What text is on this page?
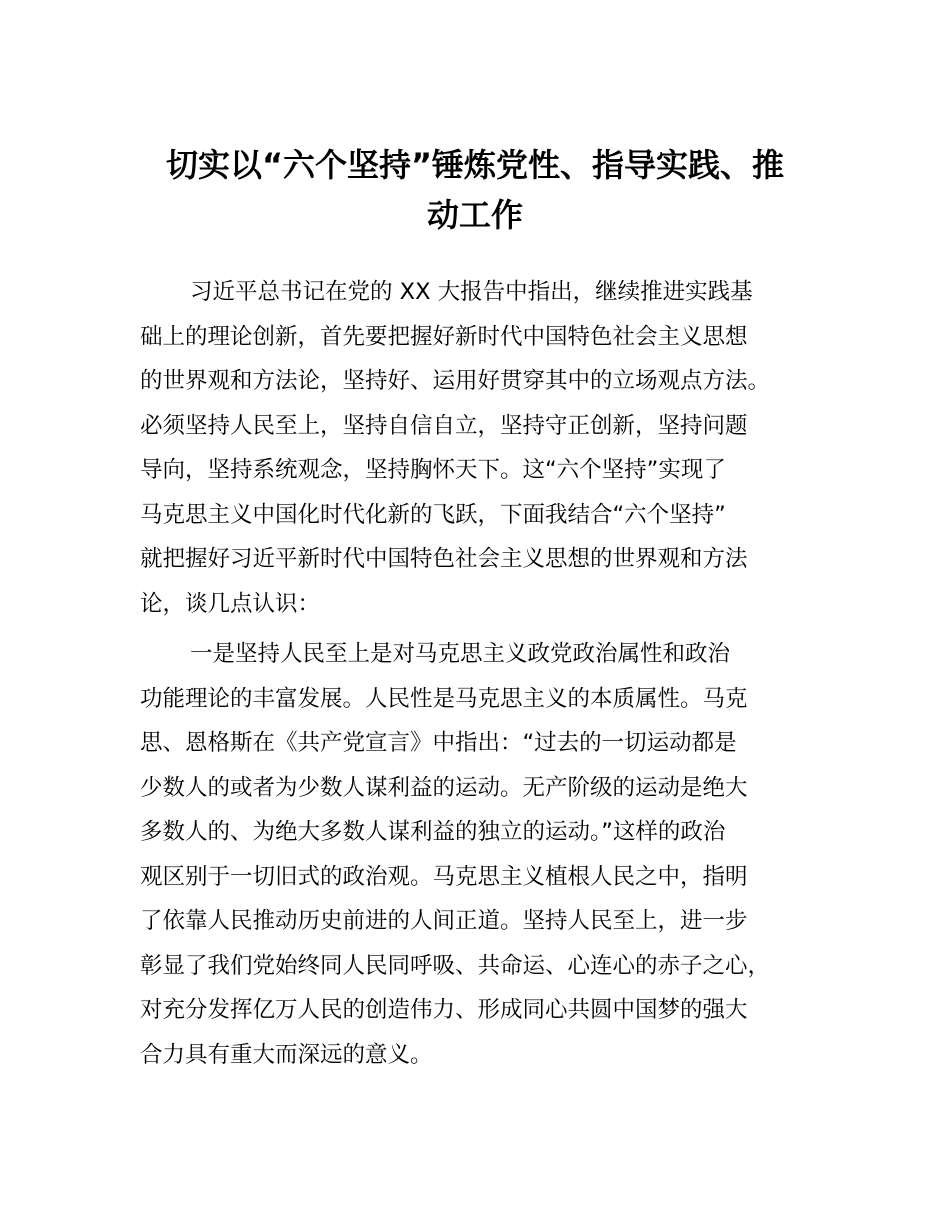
切实以“六个坚持”锤炼党性、指导实践、推
动工作
习近平总书记在党的 XX 大报告中指出，继续推进实践基
础上的理论创新，首先要把握好新时代中国特色社会主义思想
的世界观和方法论，坚持好、运用好贯穿其中的立场观点方法。
必须坚持人民至上，坚持自信自立，坚持守正创新，坚持问题
导向，坚持系统观念，坚持胸怀天下。这“六个坚持”实现了
马克思主义中国化时代化新的飞跃，下面我结合“六个坚持”
就把握好习近平新时代中国特色社会主义思想的世界观和方法
论，谈几点认识：
一是坚持人民至上是对马克思主义政党政治属性和政治
功能理论的丰富发展。人民性是马克思主义的本质属性。马克
思、恩格斯在《共产党宣言》中指出：“过去的一切运动都是
少数人的或者为少数人谋利益的运动。无产阶级的运动是绝大
多数人的、为绝大多数人谋利益的独立的运动。”这样的政治
观区别于一切旧式的政治观。马克思主义植根人民之中，指明
了依靠人民推动历史前进的人间正道。坚持人民至上，进一步
彰显了我们党始终同人民同呼吸、共命运、心连心的赤子之心，
对充分发挥亿万人民的创造伟力、形成同心共圆中国梦的强大
合力具有重大而深远的意义。
